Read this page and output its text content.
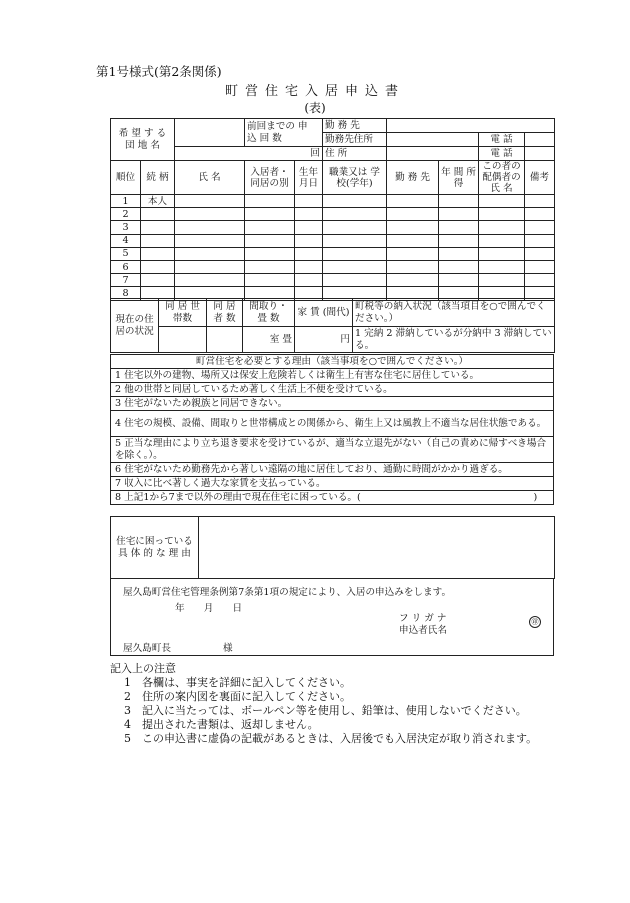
第1号様式(第2条関係)
町営住宅入居申込書
(表)
希 望 す る 団 地 名			前回までの 申 込 回 数		勤 務 先				
					勤務先住所			電 話	
		回			住 所			電 話	
順位	続 柄	氏 名	入居者・ 同居の別	生年 月日	職業又は 学校(学年)	勤 務 先	年 間 所 得	この者の 配偶者の 氏 名	備考
1	本人								
2									
3									
4									
5									
6									
7									
8									
現在の住居の状況	同 居 世帯数	同 居 者 数	間取り・ 畳 数	家 賃 (間代)	町税等の納入状況（該当項目を○で囲んでください。）
			室 畳	円	1 完納 2 滞納しているが分納中 3 滞納している。
町営住宅を必要とする理由（該当事項を○で囲んでください。）
1 住宅以外の建物、場所又は保安上危険若しくは衛生上有害な住宅に居住している。
2 他の世帯と同居しているため著しく生活上不便を受けている。
3 住宅がないため親族と同居できない。
4 住宅の規模、設備、間取りと世帯構成との関係から、衛生上又は風教上不適当な居住状態である。
5 正当な理由により立ち退き要求を受けているが、適当な立退先がない（自己の責めに帰すべき場合を除く。）。
6 住宅がないため勤務先から著しい遠隔の地に居住しており、通勤に時間がかかり過ぎる。
7 収入に比べ著しく過大な家賃を支払っている。
8 上記1から7まで以外の理由で現在住宅に困っている。(　　　　　　　　　　　　　　　　　　)
住宅に困っている 具 体 的 な 理 由	
屋久島町営住宅管理条例第7条第1項の規定により、入居の申込みをします。
年　　月　　日
フ リ ガ ナ
申込者氏名
㊞
屋久島町長	様
記入上の注意
1　各欄は、事実を詳細に記入してください。
2　住所の案内図を裏面に記入してください。
3　記入に当たっては、ボールペン等を使用し、鉛筆は、使用しないでください。
4　提出された書類は、返却しません。
5　この申込書に虚偽の記載があるときは、入居後でも入居決定が取り消されます。
